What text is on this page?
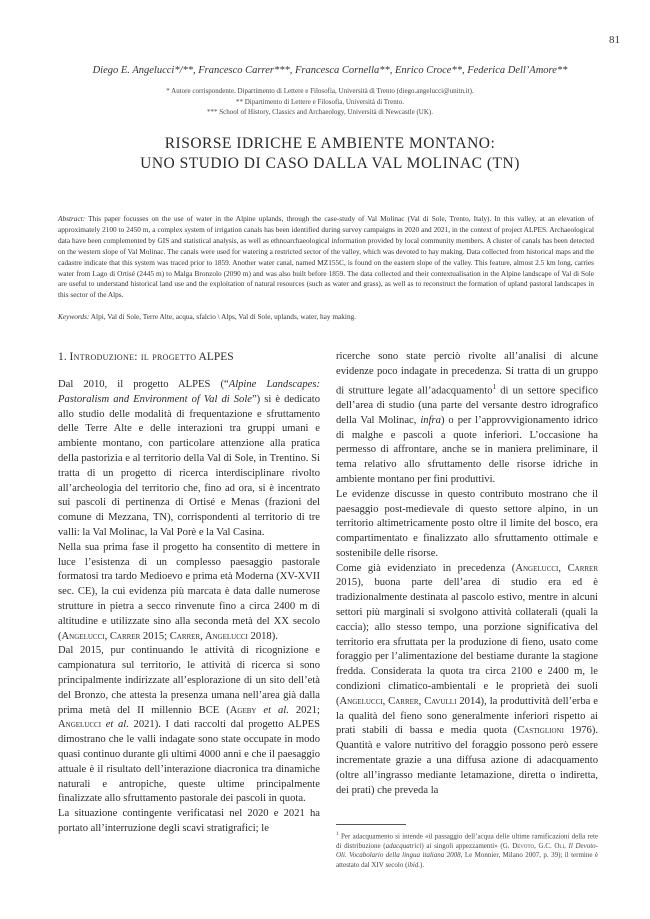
81
Diego E. Angelucci*/**, Francesco Carrer***, Francesca Cornella**, Enrico Croce**, Federica Dell’Amore**
* Autore corrispondente. Dipartimento di Lettere e Filosofia, Università di Trento (diego.angelucci@unitn.it).
** Dipartimento di Lettere e Filosofia, Università di Trento.
*** School of History, Classics and Archaeology, Università di Newcastle (UK).
RISORSE IDRICHE E AMBIENTE MONTANO:
UNO STUDIO DI CASO DALLA VAL MOLINAC (TN)
Abstract: This paper focusses on the use of water in the Alpine uplands, through the case-study of Val Molinac (Val di Sole, Trento, Italy). In this valley, at an elevation of approximately 2100 to 2450 m, a complex system of irrigation canals has been identified during survey campaigns in 2020 and 2021, in the context of project ALPES. Archaeological data have been complemented by GIS and statistical analysis, as well as ethnoarchaeological information provided by local community members. A cluster of canals has been detected on the western slope of Val Molinac. The canals were used for watering a restricted sector of the valley, which was devoted to hay making. Data collected from historical maps and the cadastre indicate that this system was traced prior to 1859. Another water canal, named MZ155C, is found on the eastern slope of the valley. This feature, almost 2.5 km long, carries water from Lago di Ortisé (2445 m) to Malga Bronzolo (2090 m) and was also built before 1859. The data collected and their contextualisation in the Alpine landscape of Val di Sole are useful to understand historical land use and the exploitation of natural resources (such as water and grass), as well as to reconstruct the formation of upland pastoral landscapes in this sector of the Alps.
Keywords: Alpi, Val di Sole, Terre Alte, acqua, sfalcio \ Alps, Val di Sole, uplands, water, hay making.
1. Introduzione: il progetto ALPES

Dal 2010, il progetto ALPES (“Alpine Landscapes: Pastoralism and Environment of Val di Sole”) si è dedicato allo studio delle modalità di frequentazione e sfruttamento delle Terre Alte e delle interazioni tra gruppi umani e ambiente montano, con particolare attenzione alla pratica della pastorizia e al territorio della Val di Sole, in Trentino. Si tratta di un progetto di ricerca interdisciplinare rivolto all’archeologia del territorio che, fino ad ora, si è incentrato sui pascoli di pertinenza di Ortisé e Menas (frazioni del comune di Mezzana, TN), corrispondenti al territorio di tre valli: la Val Molinac, la Val Porè e la Val Casina.

Nella sua prima fase il progetto ha consentito di mettere in luce l’esistenza di un complesso paesaggio pastorale formatosi tra tardo Medioevo e prima età Moderna (XV-XVII sec. CE), la cui evidenza più marcata è data dalle numerose strutture in pietra a secco rinvenute fino a circa 2400 m di altitudine e utilizzate sino alla seconda metà del XX secolo (Angelucci, Carrer 2015; Carrer, Angelucci 2018).

Dal 2015, pur continuando le attività di ricognizione e campionatura sul territorio, le attività di ricerca si sono principalmente indirizzate all’esplorazione di un sito dell’età del Bronzo, che attesta la presenza umana nell’area già dalla prima metà del II millennio BCE (Ageby et al. 2021; Angelucci et al. 2021). I dati raccolti dal progetto ALPES dimostrano che le valli indagate sono state occupate in modo quasi continuo durante gli ultimi 4000 anni e che il paesaggio attuale è il risultato dell’interazione diacronica tra dinamiche naturali e antropiche, queste ultime principalmente finalizzate allo sfruttamento pastorale dei pascoli in quota.

La situazione contingente verificatasi nel 2020 e 2021 ha portato all’interruzione degli scavi stratigrafici; le

ricerche sono state perciò rivolte all’analisi di alcune evidenze poco indagate in precedenza. Si tratta di un gruppo di strutture legate all’adacquamento$^1$ di un settore specifico dell’area di studio (una parte del versante destro idrografico della Val Molinac, infra) o per l’approvvigionamento idrico di malghe e pascoli a quote inferiori. L’occasione ha permesso di affrontare, anche se in maniera preliminare, il tema relativo allo sfruttamento delle risorse idriche in ambiente montano per fini produttivi.

Le evidenze discusse in questo contributo mostrano che il paesaggio post-medievale di questo settore alpino, in un territorio altimetricamente posto oltre il limite del bosco, era compartimentato e finalizzato allo sfruttamento ottimale e sostenibile delle risorse.

Come già evidenziato in precedenza (Angelucci, Carrer 2015), buona parte dell’area di studio era ed è tradizionalmente destinata al pascolo estivo, mentre in alcuni settori più marginali si svolgono attività collaterali (quali la caccia); allo stesso tempo, una porzione significativa del territorio era sfruttata per la produzione di fieno, usato come foraggio per l’alimentazione del bestiame durante la stagione fredda. Considerata la quota tra circa 2100 e 2400 m, le condizioni climatico-ambientali e le proprietà dei suoli (Angelucci, Carrer, Cavulli 2014), la produttività dell’erba e la qualità del fieno sono generalmente inferiori rispetto ai prati stabili di bassa e media quota (Castiglioni 1976). Quantità e valore nutritivo del foraggio possono però essere incrementate grazie a una diffusa azione di adacquamento (oltre all’ingrasso mediante letamazione, diretta o indiretta, dei prati) che preveda la

$^1$ Per adacquamento si intende «il passaggio dell’acqua delle ultime ramificazioni della rete di distribuzione (adacquatrici) ai singoli appezzamenti» (G. Devoto, G.C. Oli, Il Devoto-Oli. Vocabolario della lingua italiana 2008, Le Monnier, Milano 2007, p. 39); il termine è attestato dal XIV secolo (ibid.).
